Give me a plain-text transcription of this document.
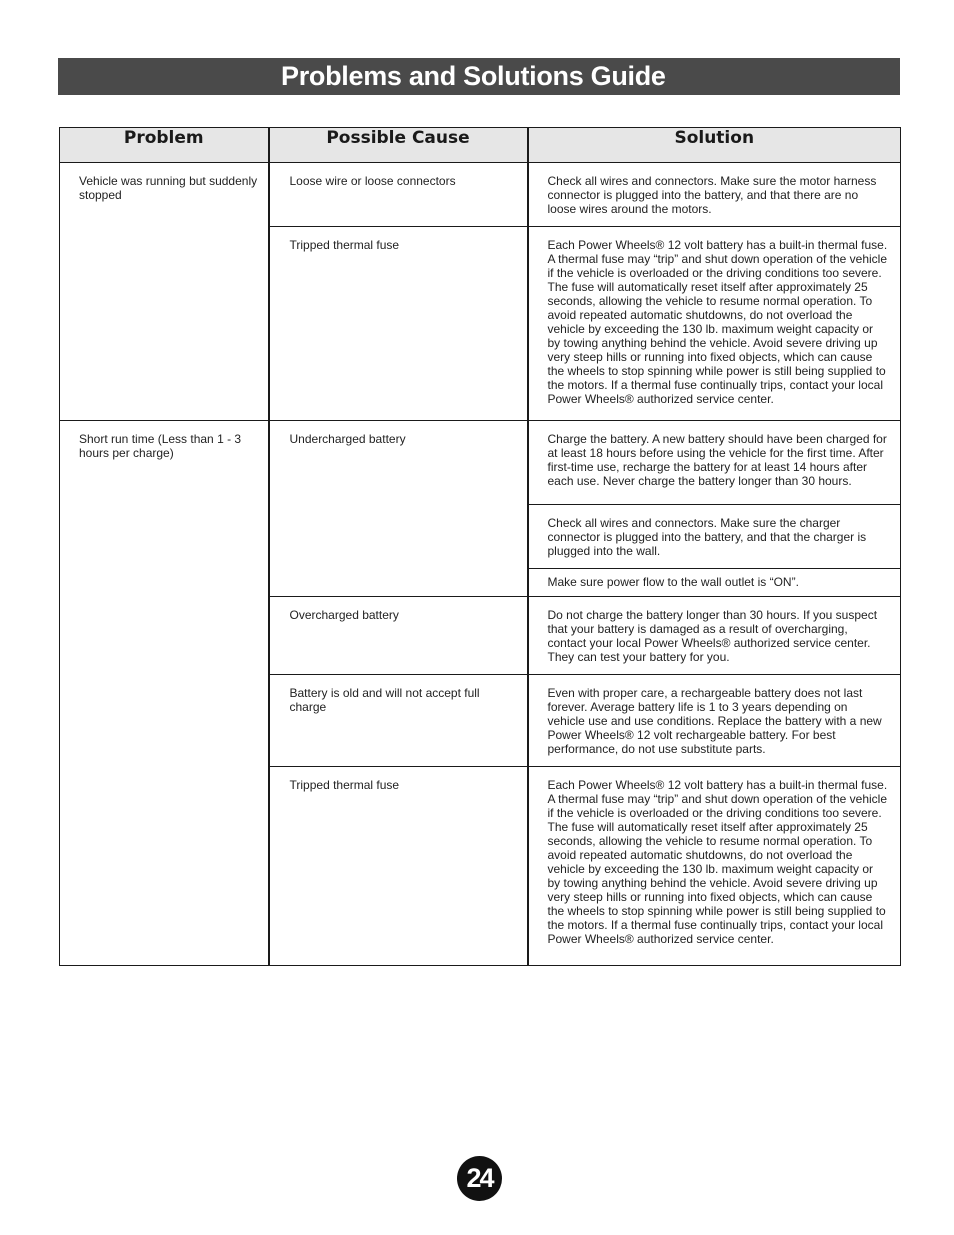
Problems and Solutions Guide
Problem	Possible Cause	Solution
Vehicle was running but suddenly stopped	Loose wire or loose connectors	Check all wires and connectors. Make sure the motor harness connector is plugged into the battery, and that there are no loose wires around the motors.
	Tripped thermal fuse	Each Power Wheels® 12 volt battery has a built-in thermal fuse. A thermal fuse may “trip” and shut down operation of the vehicle if the vehicle is overloaded or the driving conditions too severe. The fuse will automatically reset itself after approximately 25 seconds, allowing the vehicle to resume normal operation. To avoid repeated automatic shutdowns, do not overload the vehicle by exceeding the 130 lb. maximum weight capacity or by towing anything behind the vehicle. Avoid severe driving up very steep hills or running into fixed objects, which can cause the wheels to stop spinning while power is still being supplied to the motors. If a thermal fuse continually trips, contact your local Power Wheels® authorized service center.
Short run time (Less than 1 - 3 hours per charge)	Undercharged battery	Charge the battery. A new battery should have been charged for at least 18 hours before using the vehicle for the first time. After first-time use, recharge the battery for at least 14 hours after each use. Never charge the battery longer than 30 hours.
		Check all wires and connectors. Make sure the charger connector is plugged into the battery, and that the charger is plugged into the wall.
		Make sure power flow to the wall outlet is “ON”.
	Overcharged battery	Do not charge the battery longer than 30 hours. If you suspect that your battery is damaged as a result of overcharging, contact your local Power Wheels® authorized service center. They can test your battery for you.
	Battery is old and will not accept full charge	Even with proper care, a rechargeable battery does not last forever. Average battery life is 1 to 3 years depending on vehicle use and use conditions. Replace the battery with a new Power Wheels® 12 volt rechargeable battery. For best performance, do not use substitute parts.
	Tripped thermal fuse	Each Power Wheels® 12 volt battery has a built-in thermal fuse. A thermal fuse may “trip” and shut down operation of the vehicle if the vehicle is overloaded or the driving conditions too severe. The fuse will automatically reset itself after approximately 25 seconds, allowing the vehicle to resume normal operation. To avoid repeated automatic shutdowns, do not overload the vehicle by exceeding the 130 lb. maximum weight capacity or by towing anything behind the vehicle. Avoid severe driving up very steep hills or running into fixed objects, which can cause the wheels to stop spinning while power is still being supplied to the motors. If a thermal fuse continually trips, contact your local Power Wheels® authorized service center.
24
